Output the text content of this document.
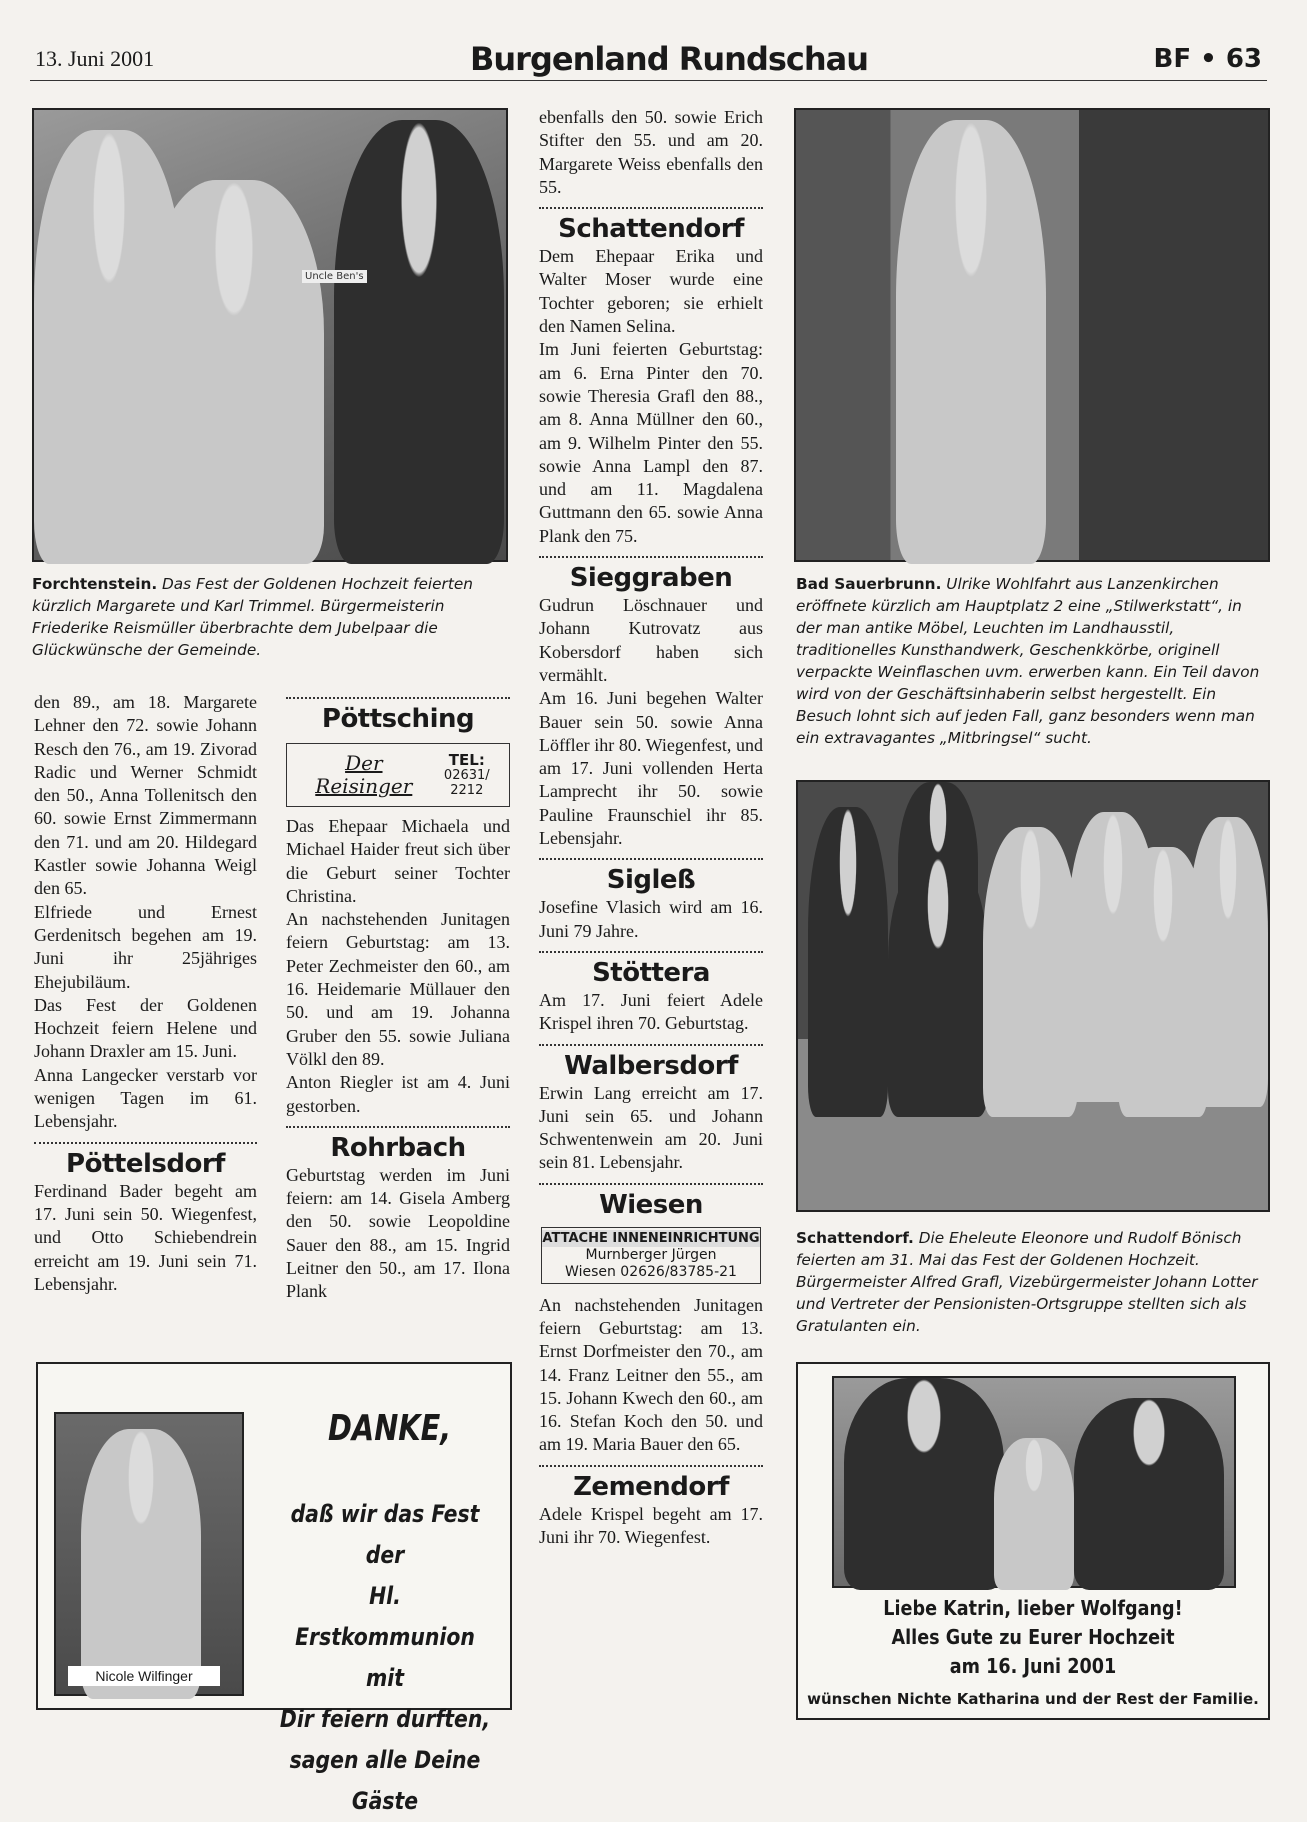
13. Juni 2001	Burgenland Rundschau	BF • 63
Uncle Ben's
Forchtenstein. Das Fest der Goldenen Hochzeit feierten kürzlich Margarete und Karl Trimmel. Bürgermeisterin Friederike Reismüller überbrachte dem Jubelpaar die Glückwünsche der Gemeinde.
Bad Sauerbrunn. Ulrike Wohlfahrt aus Lanzenkirchen eröffnete kürzlich am Hauptplatz 2 eine „Stilwerkstatt“, in der man antike Möbel, Leuchten im Landhausstil, traditionelles Kunsthandwerk, Geschenkkörbe, originell verpackte Weinflaschen uvm. erwerben kann. Ein Teil davon wird von der Geschäftsinhaberin selbst hergestellt. Ein Besuch lohnt sich auf jeden Fall, ganz besonders wenn man ein extravagantes „Mitbringsel“ sucht.
Schattendorf. Die Eheleute Eleonore und Rudolf Bönisch feierten am 31. Mai das Fest der Goldenen Hochzeit. Bürgermeister Alfred Grafl, Vizebürgermeister Johann Lotter und Vertreter der Pensionisten-Ortsgruppe stellten sich als Gratulanten ein.

den 89., am 18. Margarete Lehner den 72. sowie Johann Resch den 76., am 19. Zivorad Radic und Werner Schmidt den 50., Anna Tollenitsch den 60. sowie Ernst Zimmermann den 71. und am 20. Hildegard Kastler sowie Johanna Weigl den 65.

Elfriede und Ernest Gerdenitsch begehen am 19. Juni ihr 25jähriges Ehejubiläum.

Das Fest der Goldenen Hochzeit feiern Helene und Johann Draxler am 15. Juni.

Anna Langecker verstarb vor wenigen Tagen im 61. Lebensjahr.

Pöttelsdorf

Ferdinand Bader begeht am 17. Juni sein 50. Wiegenfest, und Otto Schiebendrein erreicht am 19. Juni sein 71. Lebensjahr.

Pöttsching
Der Reisinger
TEL:
02631/ 2212

Das Ehepaar Michaela und Michael Haider freut sich über die Geburt seiner Tochter Christina.

An nachstehenden Junitagen feiern Geburtstag: am 13. Peter Zechmeister den 60., am 16. Heidemarie Müllauer den 50. und am 19. Johanna Gruber den 55. sowie Juliana Völkl den 89.

Anton Riegler ist am 4. Juni gestorben.

Rohrbach

Geburtstag werden im Juni feiern: am 14. Gisela Amberg den 50. sowie Leopoldine Sauer den 88., am 15. Ingrid Leitner den 50., am 17. Ilona Plank

ebenfalls den 50. sowie Erich Stifter den 55. und am 20. Margarete Weiss ebenfalls den 55.

Schattendorf

Dem Ehepaar Erika und Walter Moser wurde eine Tochter geboren; sie erhielt den Namen Selina.

Im Juni feierten Geburtstag: am 6. Erna Pinter den 70. sowie Theresia Grafl den 88., am 8. Anna Müllner den 60., am 9. Wilhelm Pinter den 55. sowie Anna Lampl den 87. und am 11. Magdalena Guttmann den 65. sowie Anna Plank den 75.

Sieggraben

Gudrun Löschnauer und Johann Kutrovatz aus Kobersdorf haben sich vermählt.

Am 16. Juni begehen Walter Bauer sein 50. sowie Anna Löffler ihr 80. Wiegenfest, und am 17. Juni vollenden Herta Lamprecht ihr 50. sowie Pauline Fraunschiel ihr 85. Lebensjahr.

Sigleß

Josefine Vlasich wird am 16. Juni 79 Jahre.

Stöttera

Am 17. Juni feiert Adele Krispel ihren 70. Geburtstag.

Walbersdorf

Erwin Lang erreicht am 17. Juni sein 65. und Johann Schwentenwein am 20. Juni sein 81. Lebensjahr.

Wiesen
ATTACHE INNENEINRICHTUNG
Murnberger Jürgen
Wiesen 02626/83785-21

An nachstehenden Junitagen feiern Geburtstag: am 13. Ernst Dorfmeister den 70., am 14. Franz Leitner den 55., am 15. Johann Kwech den 60., am 16. Stefan Koch den 50. und am 19. Maria Bauer den 65.

Zemendorf

Adele Krispel begeht am 17. Juni ihr 70. Wiegenfest.

Nicole Wilfinger
DANKE,
daß wir das Fest der
Hl. Erstkommunion mit
Dir feiern durften,
sagen alle Deine Gäste
Liebe Katrin, lieber Wolfgang!
Alles Gute zu Eurer Hochzeit
am 16. Juni 2001
wünschen Nichte Katharina und der Rest der Familie.
